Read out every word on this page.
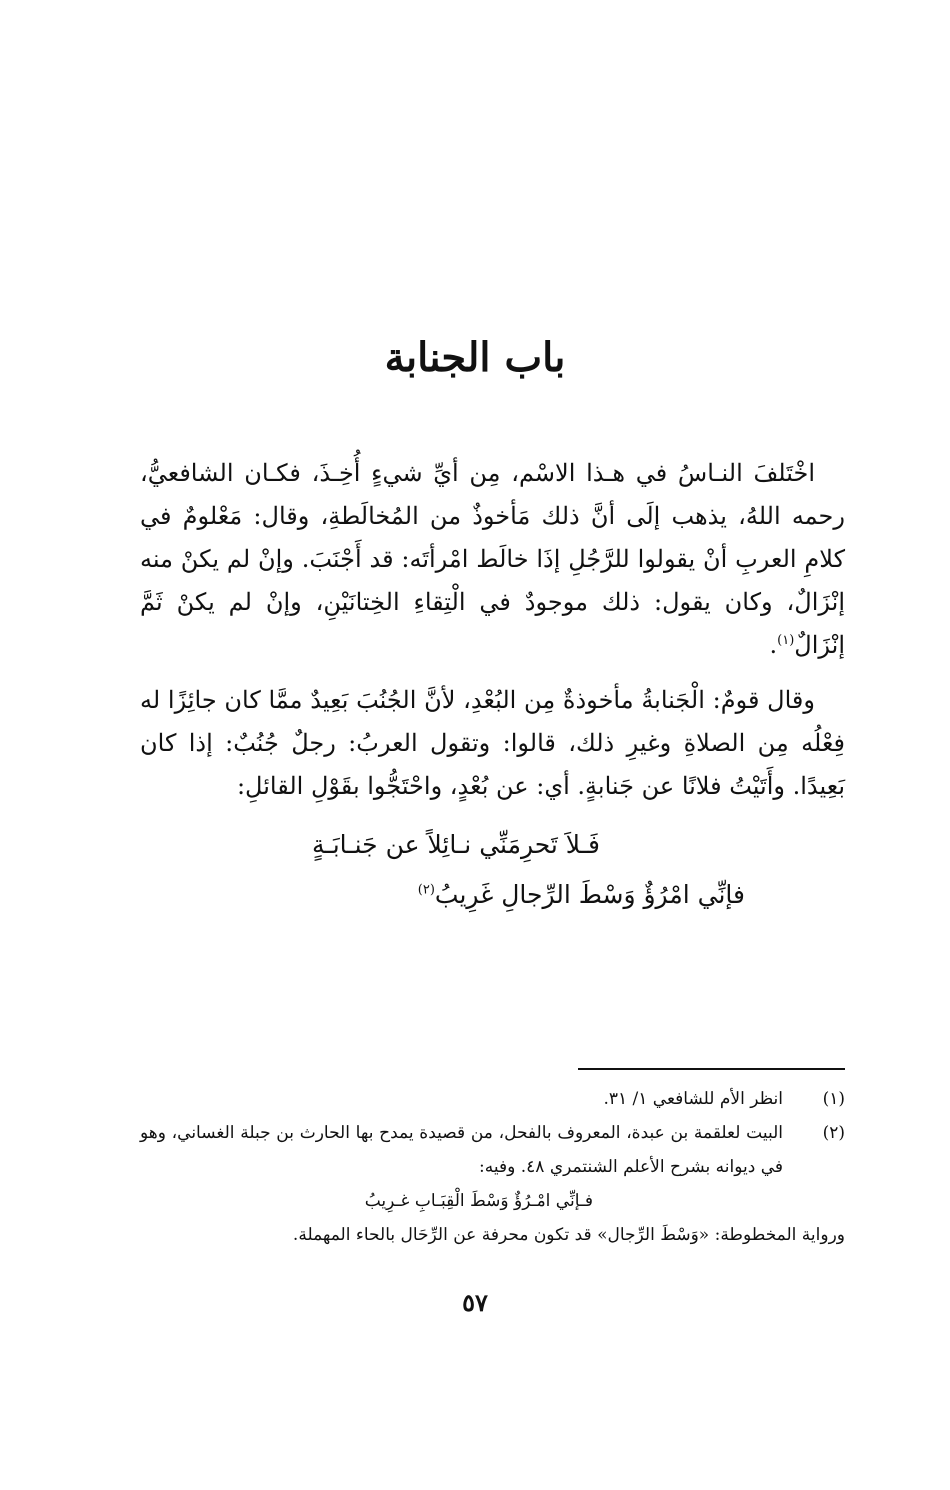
باب الجنابة

اخْتَلفَ النـاسُ في هـذا الاسْم، مِن أيِّ شيءٍ أُخِـذَ، فكـان الشافعيُّ، رحمه اللهُ، يذهب إلَى أنَّ ذلك مَأخوذٌ من المُخالَطةِ، وقال: مَعْلومٌ في كلامِ العربِ أنْ يقولوا للرَّجُلِ إذَا خالَط امْرأتَه: قد أَجْنَبَ. وإنْ لم يكنْ منه إنْزَالٌ، وكان يقول: ذلك موجودٌ في الْتِقاءِ الخِتانَيْنِ، وإنْ لم يكنْ ثَمَّ إنْزَالٌ$^{(١)}$.

وقال قومٌ: الْجَنابةُ مأخوذةٌ مِن البُعْدِ، لأنَّ الجُنُبَ بَعِيدٌ ممَّا كان جائِزًا له فِعْلُه مِن الصلاةِ وغيرِ ذلك، قالوا: وتقول العربُ: رجلٌ جُنُبٌ: إذا كان بَعِيدًا. وأَتَيْتُ فلانًا عن جَنابةٍ. أي: عن بُعْدٍ، واحْتَجُّوا بقَوْلِ القائلِ:

فَـلاَ تَحرِمَنِّي نـائِلاً عن جَنـابَـةٍ
فإنِّي امْرُؤٌ وَسْطَ الرِّجالِ غَرِيبُ$^{(٢)}$
(١)
انظر الأم للشافعي ١/ ٣١.
(٢)
البيت لعلقمة بن عبدة، المعروف بالفحل، من قصيدة يمدح بها الحارث بن جبلة الغساني، وهو في ديوانه بشرح الأعلم الشنتمري ٤٨. وفيه:
فـإنِّي امْـرُؤٌ وَسْطَ الْقِبَـابِ غـرِيبُ
ورواية المخطوطة: «وَسْطَ الرِّجال» قد تكون محرفة عن الرِّحَال بالحاء المهملة.
٥٧
